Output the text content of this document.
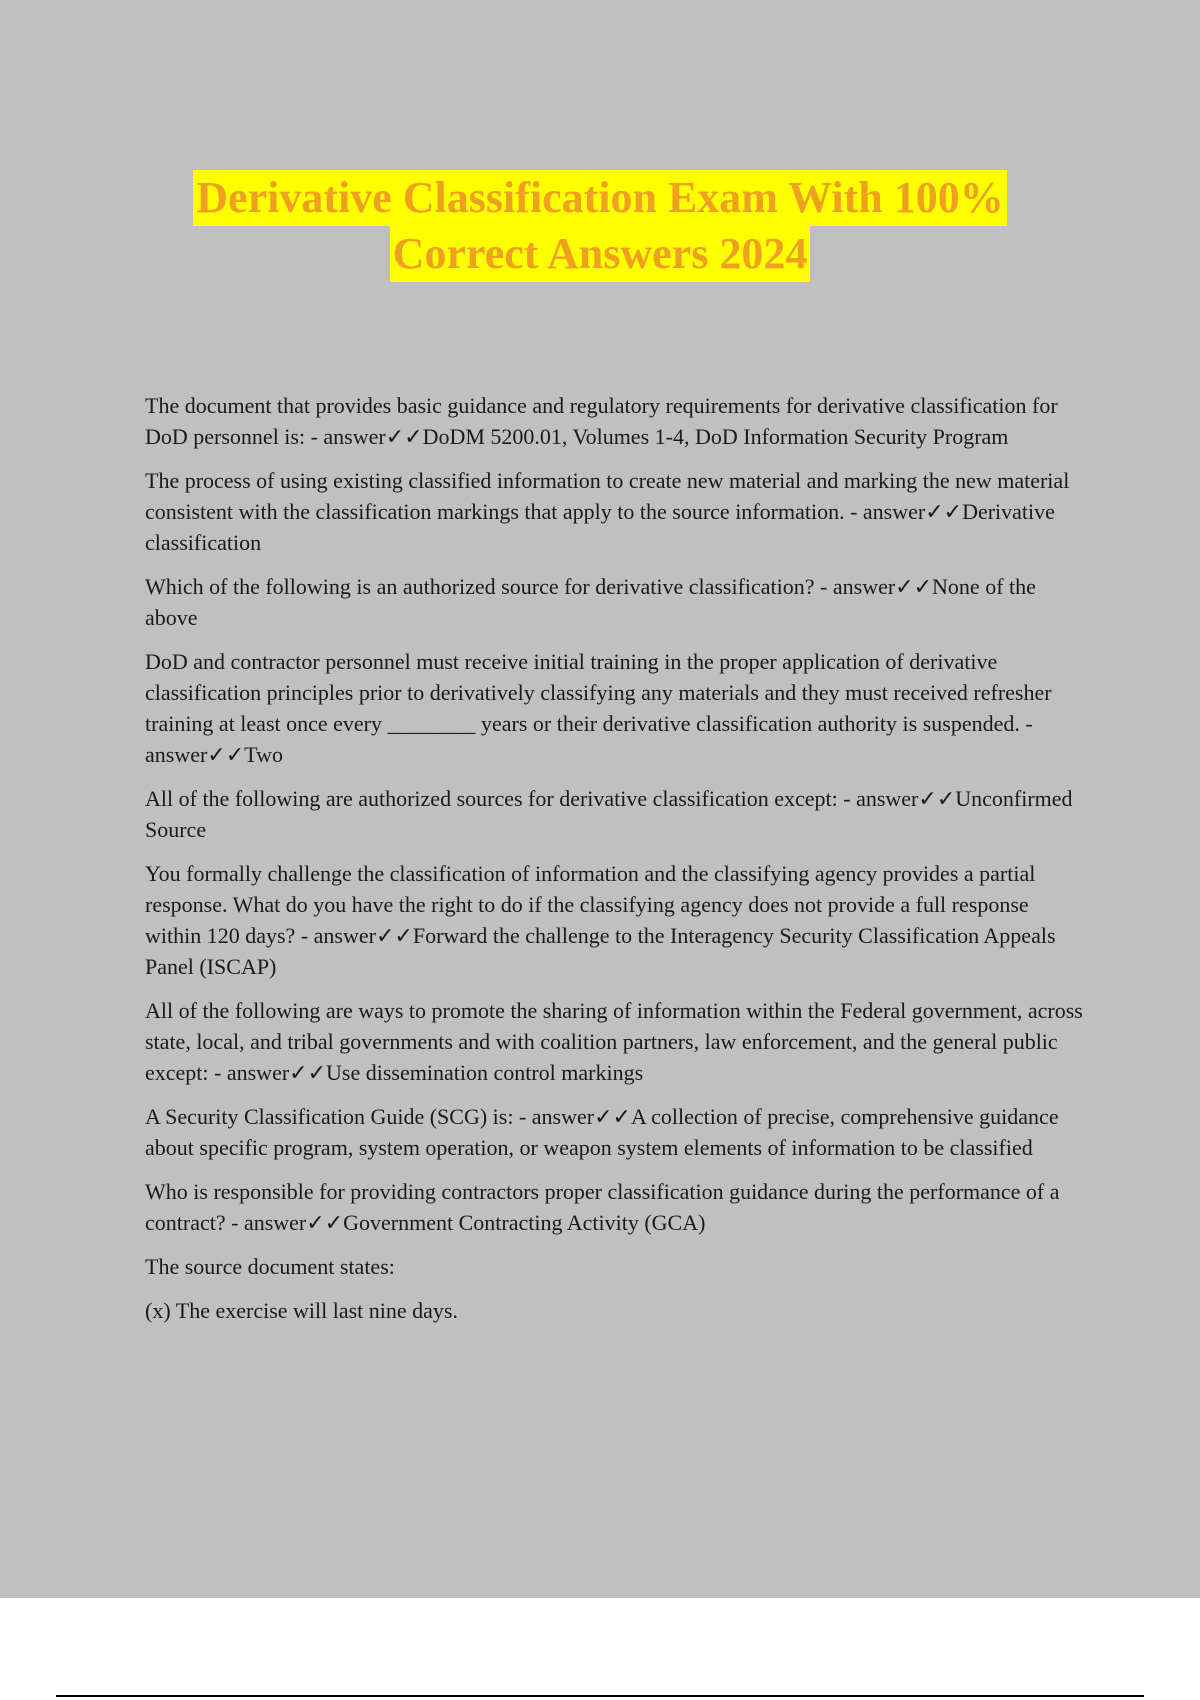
Derivative Classification Exam With 100%
Correct Answers 2024

The document that provides basic guidance and regulatory requirements for derivative classification for DoD personnel is: - answer✓✓DoDM 5200.01, Volumes 1-4, DoD Information Security Program

The process of using existing classified information to create new material and marking the new material consistent with the classification markings that apply to the source information. - answer✓✓Derivative classification

Which of the following is an authorized source for derivative classification? - answer✓✓None of the above

DoD and contractor personnel must receive initial training in the proper application of derivative classification principles prior to derivatively classifying any materials and they must received refresher training at least once every ________ years or their derivative classification authority is suspended. - answer✓✓Two

All of the following are authorized sources for derivative classification except: - answer✓✓Unconfirmed Source

You formally challenge the classification of information and the classifying agency provides a partial response. What do you have the right to do if the classifying agency does not provide a full response within 120 days? - answer✓✓Forward the challenge to the Interagency Security Classification Appeals Panel (ISCAP)

All of the following are ways to promote the sharing of information within the Federal government, across state, local, and tribal governments and with coalition partners, law enforcement, and the general public except: - answer✓✓Use dissemination control markings

A Security Classification Guide (SCG) is: - answer✓✓A collection of precise, comprehensive guidance about specific program, system operation, or weapon system elements of information to be classified

Who is responsible for providing contractors proper classification guidance during the performance of a contract? - answer✓✓Government Contracting Activity (GCA)

The source document states:

(x) The exercise will last nine days.
